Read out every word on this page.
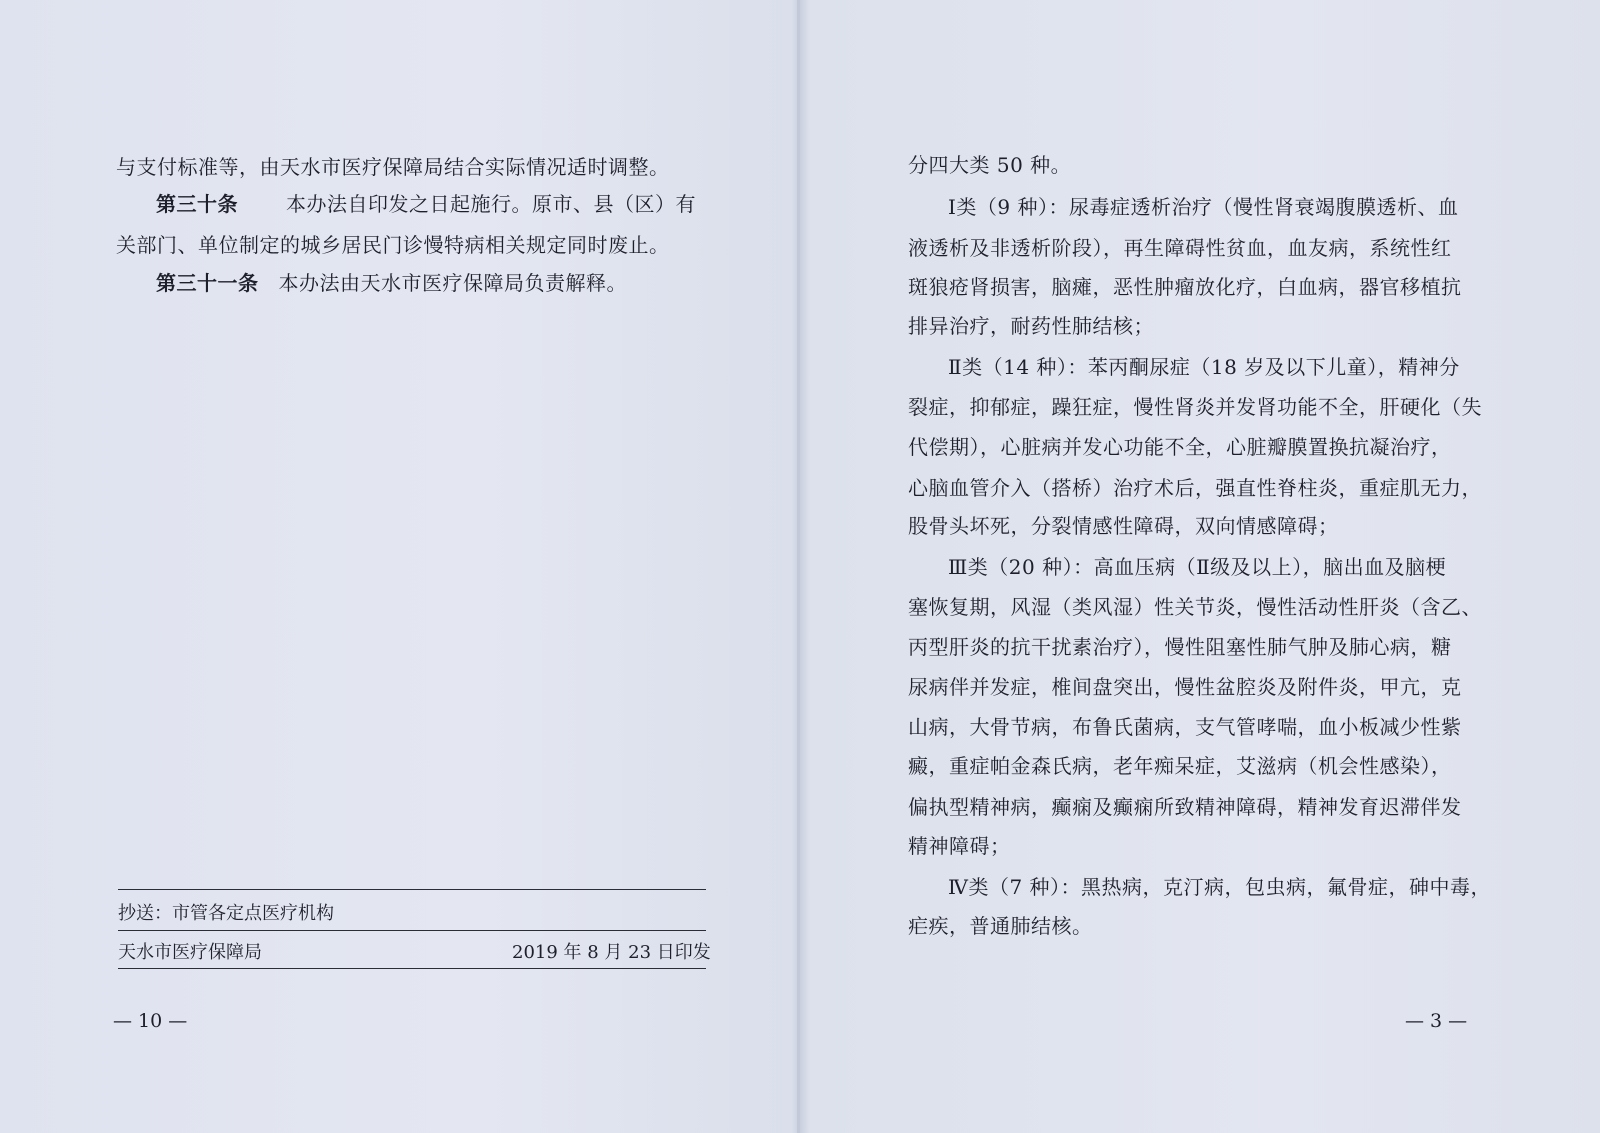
与支付标准等，由天水市医疗保障局结合实际情况适时调整。
第三十条 本办法自印发之日起施行。原市、县（区）有
关部门、单位制定的城乡居民门诊慢特病相关规定同时废止。
第三十一条 本办法由天水市医疗保障局负责解释。
抄送：市管各定点医疗机构
天水市医疗保障局	2019 年 8 月 23 日印发
— 10 —
分四大类 50 种。
Ⅰ类（9 种）：尿毒症透析治疗（慢性肾衰竭腹膜透析、血
液透析及非透析阶段），再生障碍性贫血，血友病，系统性红
斑狼疮肾损害，脑瘫，恶性肿瘤放化疗，白血病，器官移植抗
排异治疗，耐药性肺结核；
Ⅱ类（14 种）：苯丙酮尿症（18 岁及以下儿童），精神分
裂症，抑郁症，躁狂症，慢性肾炎并发肾功能不全，肝硬化（失
代偿期），心脏病并发心功能不全，心脏瓣膜置换抗凝治疗，
心脑血管介入（搭桥）治疗术后，强直性脊柱炎，重症肌无力，
股骨头坏死，分裂情感性障碍，双向情感障碍；
Ⅲ类（20 种）：高血压病（Ⅱ级及以上），脑出血及脑梗
塞恢复期，风湿（类风湿）性关节炎，慢性活动性肝炎（含乙、
丙型肝炎的抗干扰素治疗），慢性阻塞性肺气肿及肺心病，糖
尿病伴并发症，椎间盘突出，慢性盆腔炎及附件炎，甲亢，克
山病，大骨节病，布鲁氏菌病，支气管哮喘，血小板减少性紫
癜，重症帕金森氏病，老年痴呆症，艾滋病（机会性感染），
偏执型精神病，癫痫及癫痫所致精神障碍，精神发育迟滞伴发
精神障碍；
Ⅳ类（7 种）：黑热病，克汀病，包虫病，氟骨症，砷中毒，
疟疾，普通肺结核。
— 3 —
